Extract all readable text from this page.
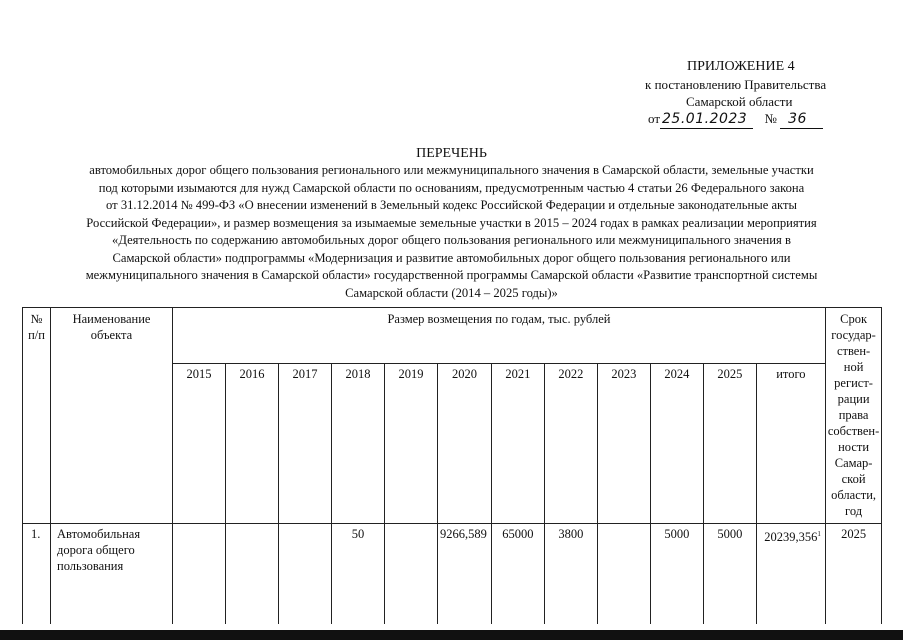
ПРИЛОЖЕНИЕ 4
к постановлению Правительства
Самарской области
от 25.01.2023 № 36
ПЕРЕЧЕНЬ
автомобильных дорог общего пользования регионального или межмуниципального значения в Самарской области, земельные участки
под которыми изымаются для нужд Самарской области по основаниям, предусмотренным частью 4 статьи 26 Федерального закона
от 31.12.2014 № 499-ФЗ «О внесении изменений в Земельный кодекс Российской Федерации и отдельные законодательные акты
Российской Федерации», и размер возмещения за изымаемые земельные участки в 2015 – 2024 годах в рамках реализации мероприятия
«Деятельность по содержанию автомобильных дорог общего пользования регионального или межмуниципального значения в
Самарской области» подпрограммы «Модернизация и развитие автомобильных дорог общего пользования регионального или
межмуниципального значения в Самарской области» государственной программы Самарской области «Развитие транспортной системы
Самарской области (2014 – 2025 годы)»
№ п/п	Наименование объекта	Размер возмещения по годам, тыс. рублей												Срок государ-ствен-ной регист-рации права собствен-ности Самар-ской области, год
		2015	2016	2017	2018	2019	2020	2021	2022	2023	2024	2025	итого	
1.	Автомобильная дорога общего пользования				50		9266,589	65000	3800		5000	5000	20239,356$^1$	2025
